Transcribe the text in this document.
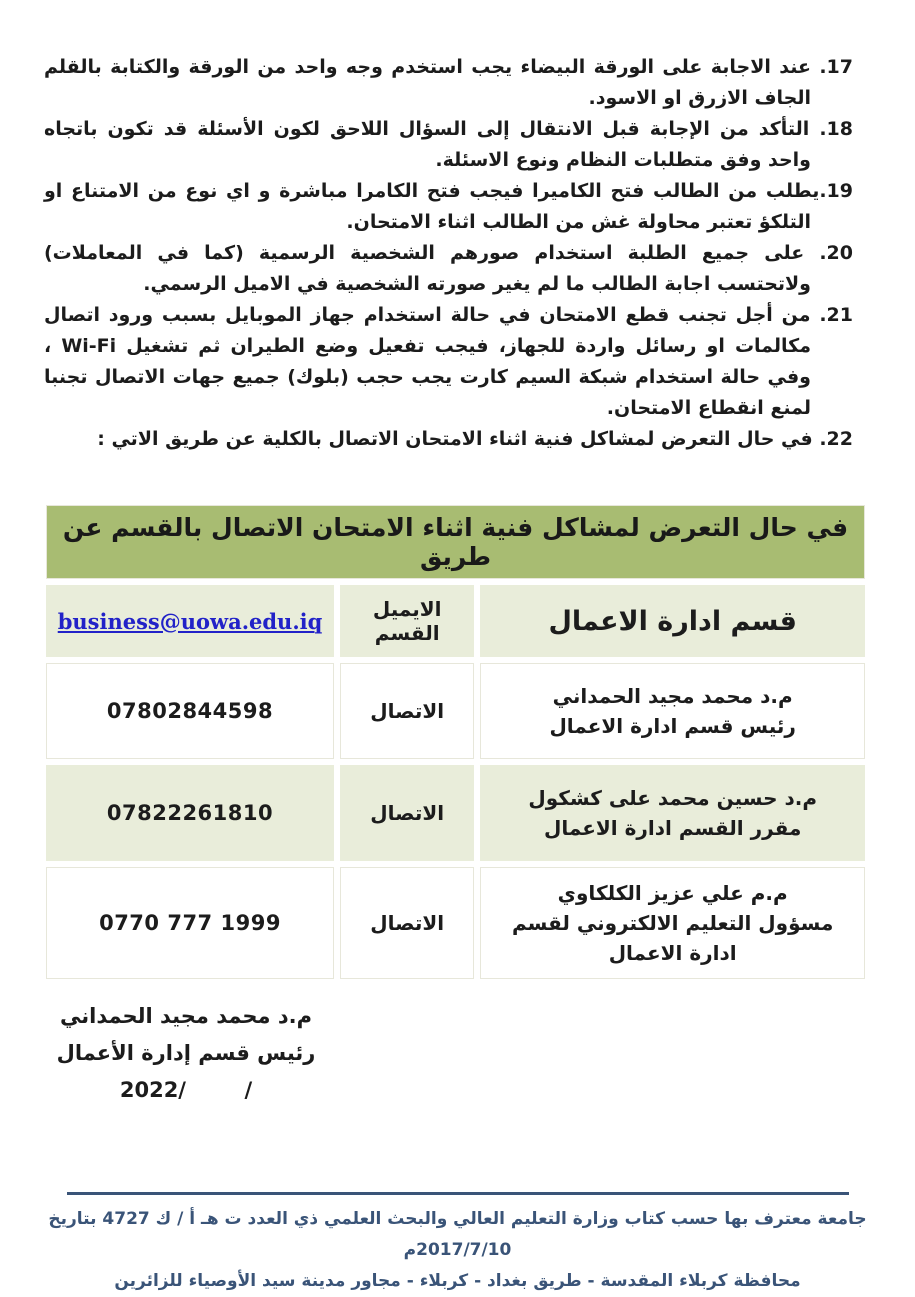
17. عند الاجابة على الورقة البيضاء يجب استخدم وجه واحد من الورقة والكتابة بالقلم الجاف الازرق او الاسود.
18. التأكد من الإجابة قبل الانتقال إلى السؤال اللاحق لكون الأسئلة قد تكون باتجاه واحد وفق متطلبات النظام ونوع الاسئلة.
19.يطلب من الطالب فتح الكاميرا فيجب فتح الكامرا مباشرة و اي نوع من الامتناع او التلكؤ تعتبر محاولة غش من الطالب اثناء الامتحان.
20. على جميع الطلبة استخدام صورهم الشخصية الرسمية (كما في المعاملات) ولاتحتسب اجابة الطالب ما لم يغير صورته الشخصية في الاميل الرسمي.
21. من أجل تجنب قطع الامتحان في حالة استخدام جهاز الموبايل بسبب ورود اتصال مكالمات او رسائل واردة للجهاز، فيجب تفعيل وضع الطيران ثم تشغيل Wi-Fi ، وفي حالة استخدام شبكة السيم كارت يجب حجب (بلوك) جميع جهات الاتصال تجنبا لمنع انقطاع الامتحان.
22. في حال التعرض لمشاكل فنية اثناء الامتحان الاتصال بالكلية عن طريق الاتي :
في حال التعرض لمشاكل فنية اثناء الامتحان الاتصال بالقسم عن طريق		
قسم ادارة الاعمال	الايميل القسم	business@uowa.edu.iq

م.د محمد مجيد الحمداني
رئيس قسم ادارة الاعمال	الاتصال	07802844598

م.د حسين محمد على كشكول
مقرر القسم ادارة الاعمال	الاتصال	07822261810

م.م علي عزيز الكلكاوي
مسؤول التعليم الالكتروني لقسم ادارة الاعمال	الاتصال	0770 777 1999
م.د محمد مجيد الحمداني
رئيس قسم إدارة الأعمال
2022/        /
جامعة معترف بها حسب كتاب وزارة التعليم العالي والبحث العلمي ذي العدد ت هـ أ / ك 4727 بتاريخ 2017/7/10م
محافظة كربلاء المقدسة - طريق بغداد - كربلاء - مجاور مدينة سيد الأوصياء للزائرين
